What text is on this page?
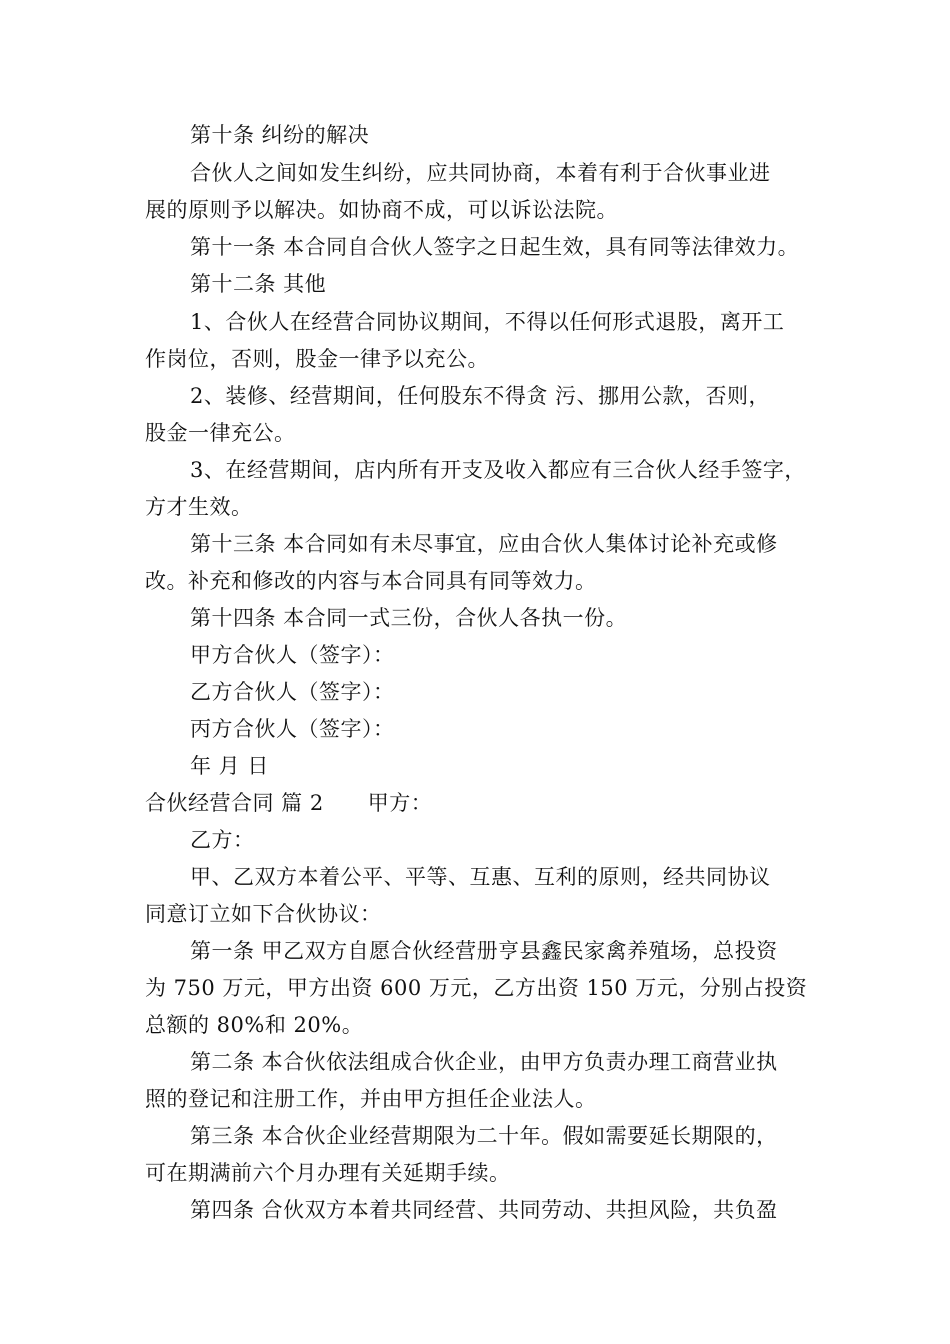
第十条 纠纷的解决
合伙人之间如发生纠纷，应共同协商，本着有利于合伙事业进
展的原则予以解决。如协商不成，可以诉讼法院。
第十一条 本合同自合伙人签字之日起生效，具有同等法律效力。
第十二条 其他
1、合伙人在经营合同协议期间，不得以任何形式退股，离开工
作岗位，否则，股金一律予以充公。
2、装修、经营期间，任何股东不得贪 污、挪用公款，否则，
股金一律充公。
3、在经营期间，店内所有开支及收入都应有三合伙人经手签字，
方才生效。
第十三条 本合同如有未尽事宜，应由合伙人集体讨论补充或修
改。补充和修改的内容与本合同具有同等效力。
第十四条 本合同一式三份，合伙人各执一份。
甲方合伙人（签字）：
乙方合伙人（签字）：
丙方合伙人（签字）：
年 月 日
合伙经营合同 篇 2 甲方：
乙方：
甲、乙双方本着公平、平等、互惠、互利的原则，经共同协议
同意订立如下合伙协议：
第一条 甲乙双方自愿合伙经营册亨县鑫民家禽养殖场，总投资
为 750 万元，甲方出资 600 万元，乙方出资 150 万元，分别占投资
总额的 80%和 20%。
第二条 本合伙依法组成合伙企业，由甲方负责办理工商营业执
照的登记和注册工作，并由甲方担任企业法人。
第三条 本合伙企业经营期限为二十年。假如需要延长期限的，
可在期满前六个月办理有关延期手续。
第四条 合伙双方本着共同经营、共同劳动、共担风险，共负盈
